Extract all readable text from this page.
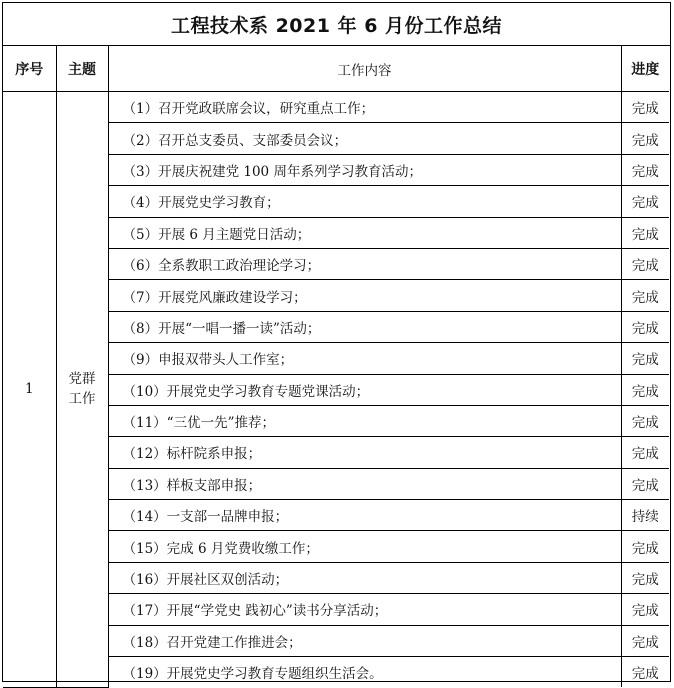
工程技术系 2021 年 6 月份工作总结
序号	主题	工作内容	进度
1	党群工作	（1）召开党政联席会议，研究重点工作；	完成
		（2）召开总支委员、支部委员会议；	完成
		（3）开展庆祝建党 100 周年系列学习教育活动；	完成
		（4）开展党史学习教育；	完成
		（5）开展 6 月主题党日活动；	完成
		（6）全系教职工政治理论学习；	完成
		（7）开展党风廉政建设学习；	完成
		（8）开展“一唱一播一读”活动；	完成
		（9）申报双带头人工作室；	完成
		（10）开展党史学习教育专题党课活动；	完成
		（11）“三优一先”推荐；	完成
		（12）标杆院系申报；	完成
		（13）样板支部申报；	完成
		（14）一支部一品牌申报；	持续
		（15）完成 6 月党费收缴工作；	完成
		（16）开展社区双创活动；	完成
		（17）开展“学党史 践初心”读书分享活动；	完成
		（18）召开党建工作推进会；	完成
		（19）开展党史学习教育专题组织生活会。	完成
